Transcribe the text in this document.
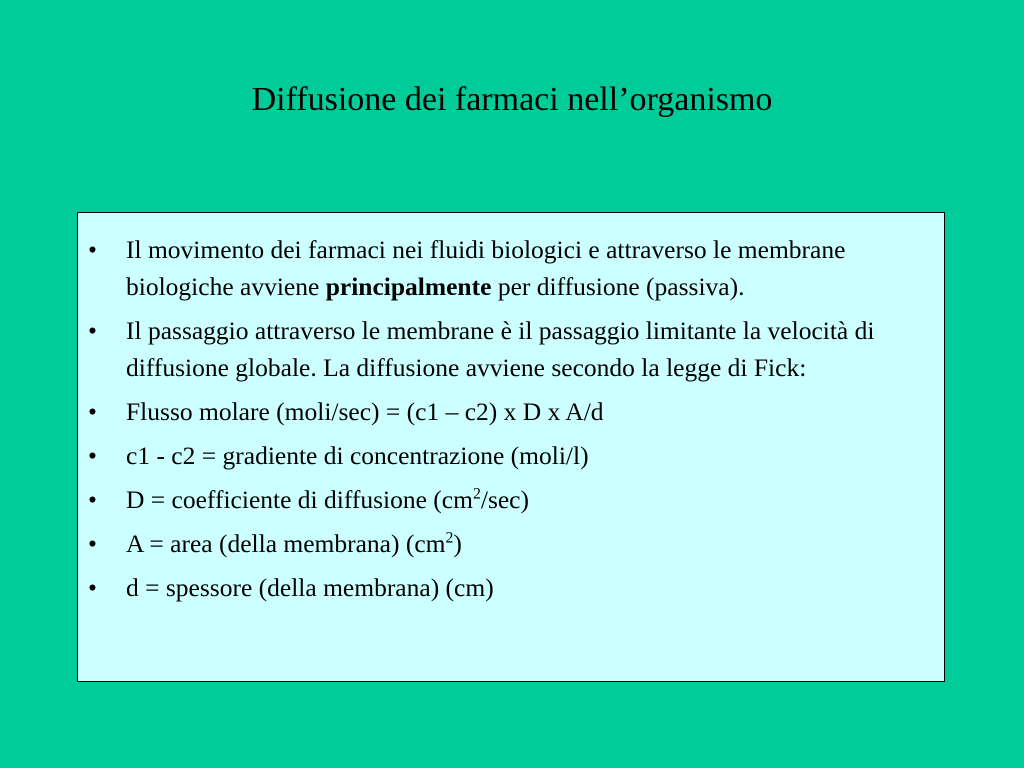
Diffusione dei farmaci nell’organismo
• Il movimento dei farmaci nei fluidi biologici e attraverso le membrane biologiche avviene principalmente per diffusione (passiva).
• Il passaggio attraverso le membrane è il passaggio limitante la velocità di diffusione globale. La diffusione avviene secondo la legge di Fick:
• Flusso molare (moli/sec) = (c1 – c2) x D x A/d
• c1 - c2 = gradiente di concentrazione (moli/l)
• D = coefficiente di diffusione $(cm^2/\sec)$
• A = area (della membrana) $(cm^2)$
• d = spessore (della membrana) (cm)
